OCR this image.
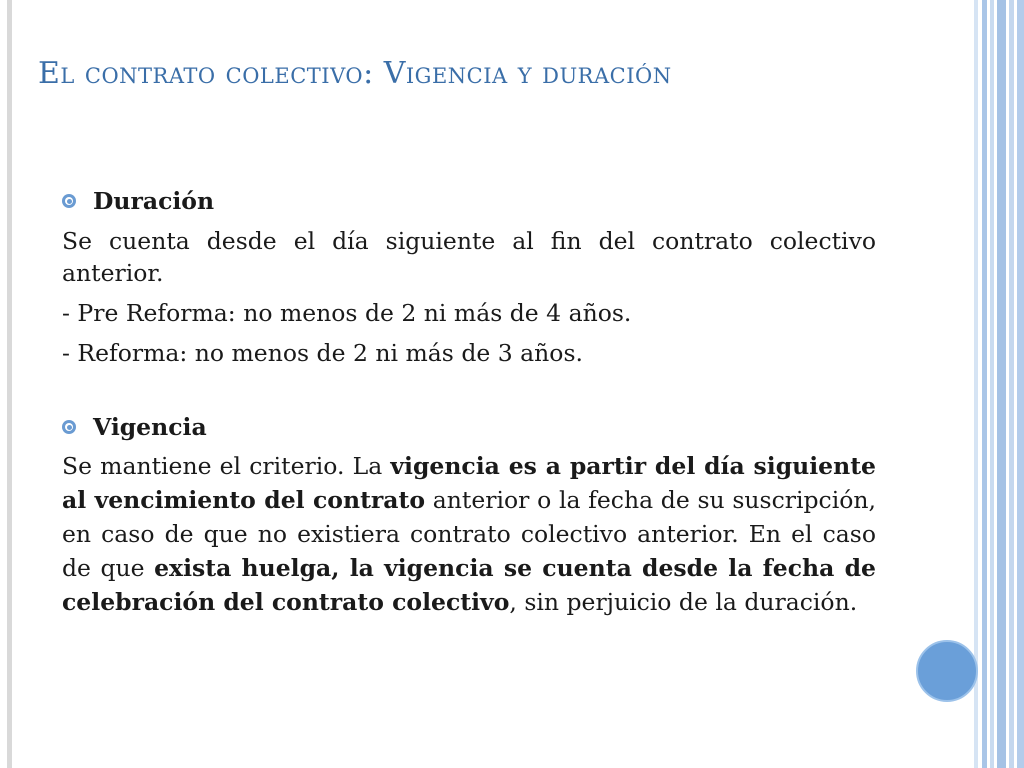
El contrato colectivo: Vigencia y duración
Duración

Se cuenta desde el día siguiente al fin del contrato colectivo anterior.

- Pre Reforma: no menos de 2 ni más de 4 años.

- Reforma: no menos de 2 ni más de 3 años.

Vigencia

Se mantiene el criterio. La vigencia es a partir del día siguiente al vencimiento del contrato anterior o la fecha de su suscripción, en caso de que no existiera contrato colectivo anterior. En el caso de que exista huelga, la vigencia se cuenta desde la fecha de celebración del contrato colectivo, sin perjuicio de la duración.
